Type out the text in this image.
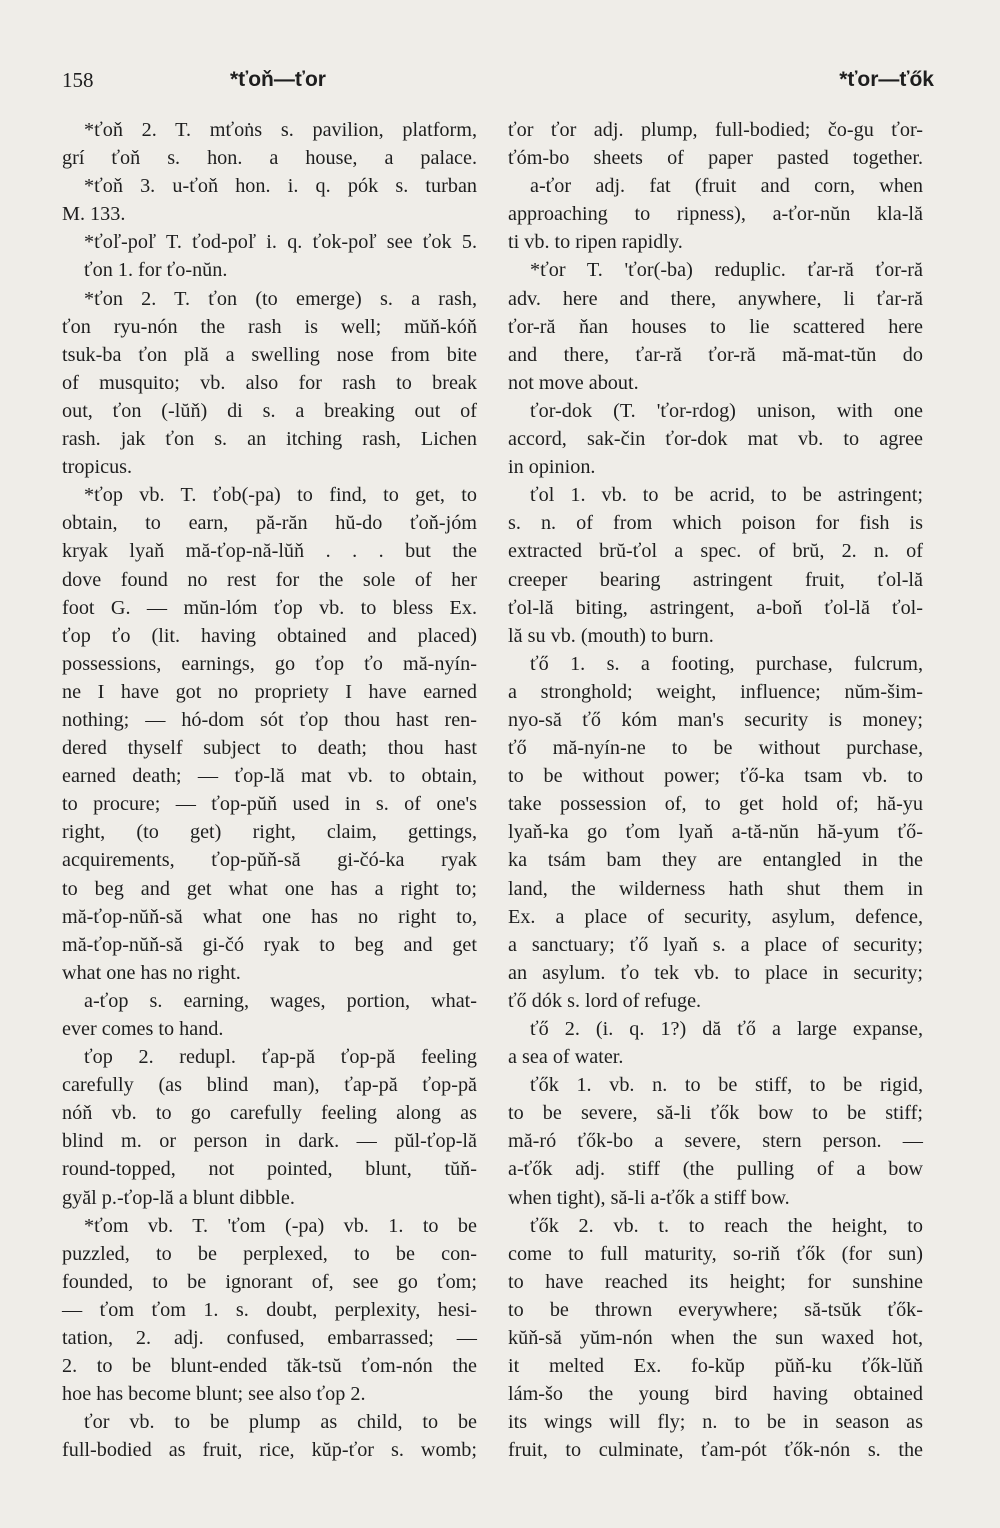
158	*ťoň—ťor	*ťor—ťők
*ťoň 2. T. mťoṅs s. pavilion, platform,
grí ťoň s. hon. a house, a palace.
*ťoň 3. u-ťoň hon. i. q. pók s. turban
M. 133.
*ťoľ-poľ T. ťod-poľ i. q. ťok-poľ see ťok 5.
ťon 1. for ťo-nŭn.
*ťon 2. T. ťon (to emerge) s. a rash,
ťon ryu-nón the rash is well; mŭň-kóň
tsuk-ba ťon plă a swelling nose from bite
of musquito; vb. also for rash to break
out, ťon (-lŭň) di s. a breaking out of
rash. jak ťon s. an itching rash, Lichen
tropicus.
*ťop vb. T. ťob(-pa) to find, to get, to
obtain, to earn, pă-răn hŭ-do ťoň-jóm
kryak lyaň mă-ťop-nă-lŭň . . . but the
dove found no rest for the sole of her
foot G. — mŭn-lóm ťop vb. to bless Ex.
ťop ťo (lit. having obtained and placed)
possessions, earnings, go ťop ťo mă-nyín-
ne I have got no propriety I have earned
nothing; — hó-dom sót ťop thou hast ren-
dered thyself subject to death; thou hast
earned death; — ťop-lă mat vb. to obtain,
to procure; — ťop-pŭň used in s. of one's
right, (to get) right, claim, gettings,
acquirements, ťop-pŭň-să gi-čó-ka ryak
to beg and get what one has a right to;
mă-ťop-nŭň-să what one has no right to,
mă-ťop-nŭň-să gi-čó ryak to beg and get
what one has no right.
a-ťop s. earning, wages, portion, what-
ever comes to hand.
ťop 2. redupl. ťap-pă ťop-pă feeling
carefully (as blind man), ťap-pă ťop-pă
nóň vb. to go carefully feeling along as
blind m. or person in dark. — pŭl-ťop-lă
round-topped, not pointed, blunt, tŭň-
gyăl p.-ťop-lă a blunt dibble.
*ťom vb. T. 'ťom (-pa) vb. 1. to be
puzzled, to be perplexed, to be con-
founded, to be ignorant of, see go ťom;
— ťom ťom 1. s. doubt, perplexity, hesi-
tation, 2. adj. confused, embarrassed; —
2. to be blunt-ended tăk-tsŭ ťom-nón the
hoe has become blunt; see also ťop 2.
ťor vb. to be plump as child, to be
full-bodied as fruit, rice, kŭp-ťor s. womb;
ťor ťor adj. plump, full-bodied; čo-gu ťor-
ťóm-bo sheets of paper pasted together.
a-ťor adj. fat (fruit and corn, when
approaching to ripness), a-ťor-nŭn kla-lă
ti vb. to ripen rapidly.
*ťor T. 'ťor(-ba) reduplic. ťar-ră ťor-ră
adv. here and there, anywhere, li ťar-ră
ťor-ră ňan houses to lie scattered here
and there, ťar-ră ťor-ră mă-mat-tŭn do
not move about.
ťor-dok (T. 'ťor-rdog) unison, with one
accord, sak-čin ťor-dok mat vb. to agree
in opinion.
ťol 1. vb. to be acrid, to be astringent;
s. n. of from which poison for fish is
extracted brŭ-ťol a spec. of brŭ, 2. n. of
creeper bearing astringent fruit, ťol-lă
ťol-lă biting, astringent, a-boň ťol-lă ťol-
lă su vb. (mouth) to burn.
ťő 1. s. a footing, purchase, fulcrum,
a stronghold; weight, influence; nŭm-šim-
nyo-să ťő kóm man's security is money;
ťő mă-nyín-ne to be without purchase,
to be without power; ťő-ka tsam vb. to
take possession of, to get hold of; hă-yu
lyaň-ka go ťom lyaň a-tă-nŭn hă-yum ťő-
ka tsám bam they are entangled in the
land, the wilderness hath shut them in
Ex. a place of security, asylum, defence,
a sanctuary; ťő lyaň s. a place of security;
an asylum. ťo tek vb. to place in security;
ťő dók s. lord of refuge.
ťő 2. (i. q. 1?) dă ťő a large expanse,
a sea of water.
ťők 1. vb. n. to be stiff, to be rigid,
to be severe, să-li ťők bow to be stiff;
mă-ró ťők-bo a severe, stern person. —
a-ťők adj. stiff (the pulling of a bow
when tight), să-li a-ťők a stiff bow.
ťők 2. vb. t. to reach the height, to
come to full maturity, so-riň ťők (for sun)
to have reached its height; for sunshine
to be thrown everywhere; să-tsŭk ťők-
kŭň-să yŭm-nón when the sun waxed hot,
it melted Ex. fo-kŭp pŭň-ku ťők-lŭň
lám-šo the young bird having obtained
its wings will fly; n. to be in season as
fruit, to culminate, ťam-pót ťők-nón s. the
